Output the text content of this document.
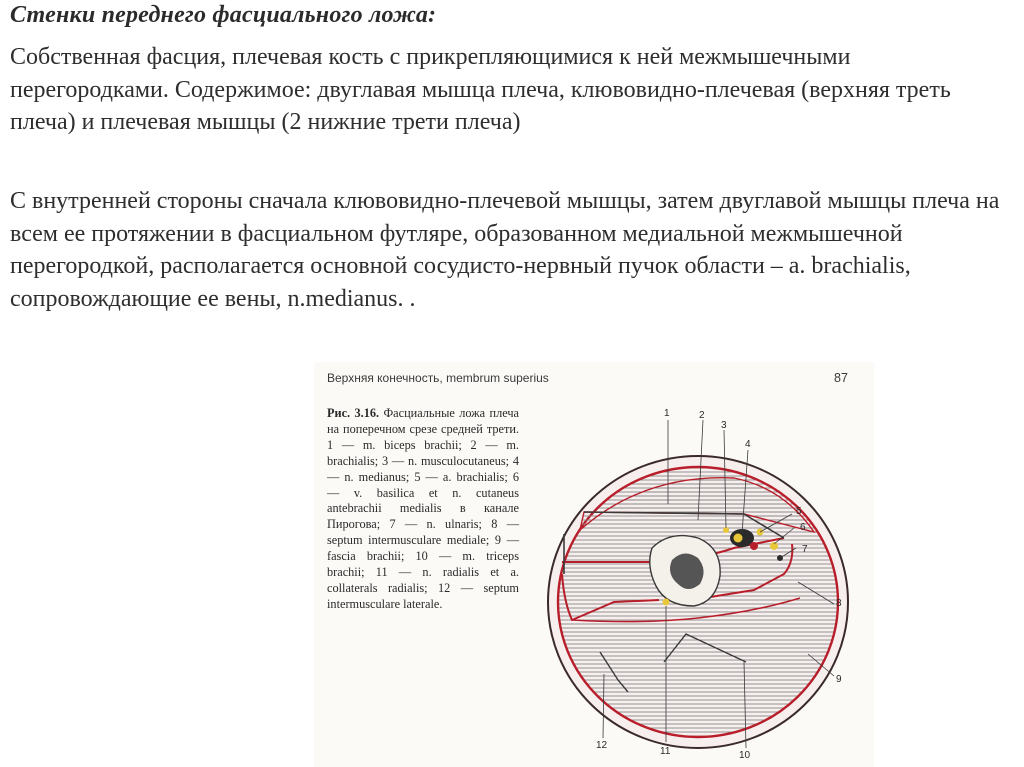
Стенки переднего фасциального ложа:

Собственная фасция, плечевая кость с прикрепляющимися к ней межмышечными перегородками. Содержимое: двуглавая мышца плеча, клювовидно-плечевая (верхняя треть плеча) и плечевая мышцы (2 нижние трети плеча)

С внутренней стороны сначала клювовидно-плечевой мышцы, затем двуглавой мышцы плеча на всем ее протяжении в фасциальном футляре, образованном медиальной межмышечной перегородкой, располагается основной сосудисто-нервный пучок области – a. brachialis, сопровождающие ее вены, n.medianus. .

Верхняя конечность, membrum superius	87

Рис. 3.16. Фасциальные ложа плеча на поперечном срезе средней трети. 1 — m. biceps brachii; 2 — m. brachialis; 3 — n. musculocutaneus; 4 — n. medianus; 5 — a. brachialis; 6 — v. basilica et n. cutaneus antebrachii medialis в канале Пирогова; 7 — n. ulnaris; 8 — septum intermusculare mediale; 9 — fascia brachii; 10 — m. triceps brachii; 11 — n. radialis et a. collaterals radialis; 12 — septum intermusculare laterale.

1	2
3
4
5
6
7
8
9
10
11
12
